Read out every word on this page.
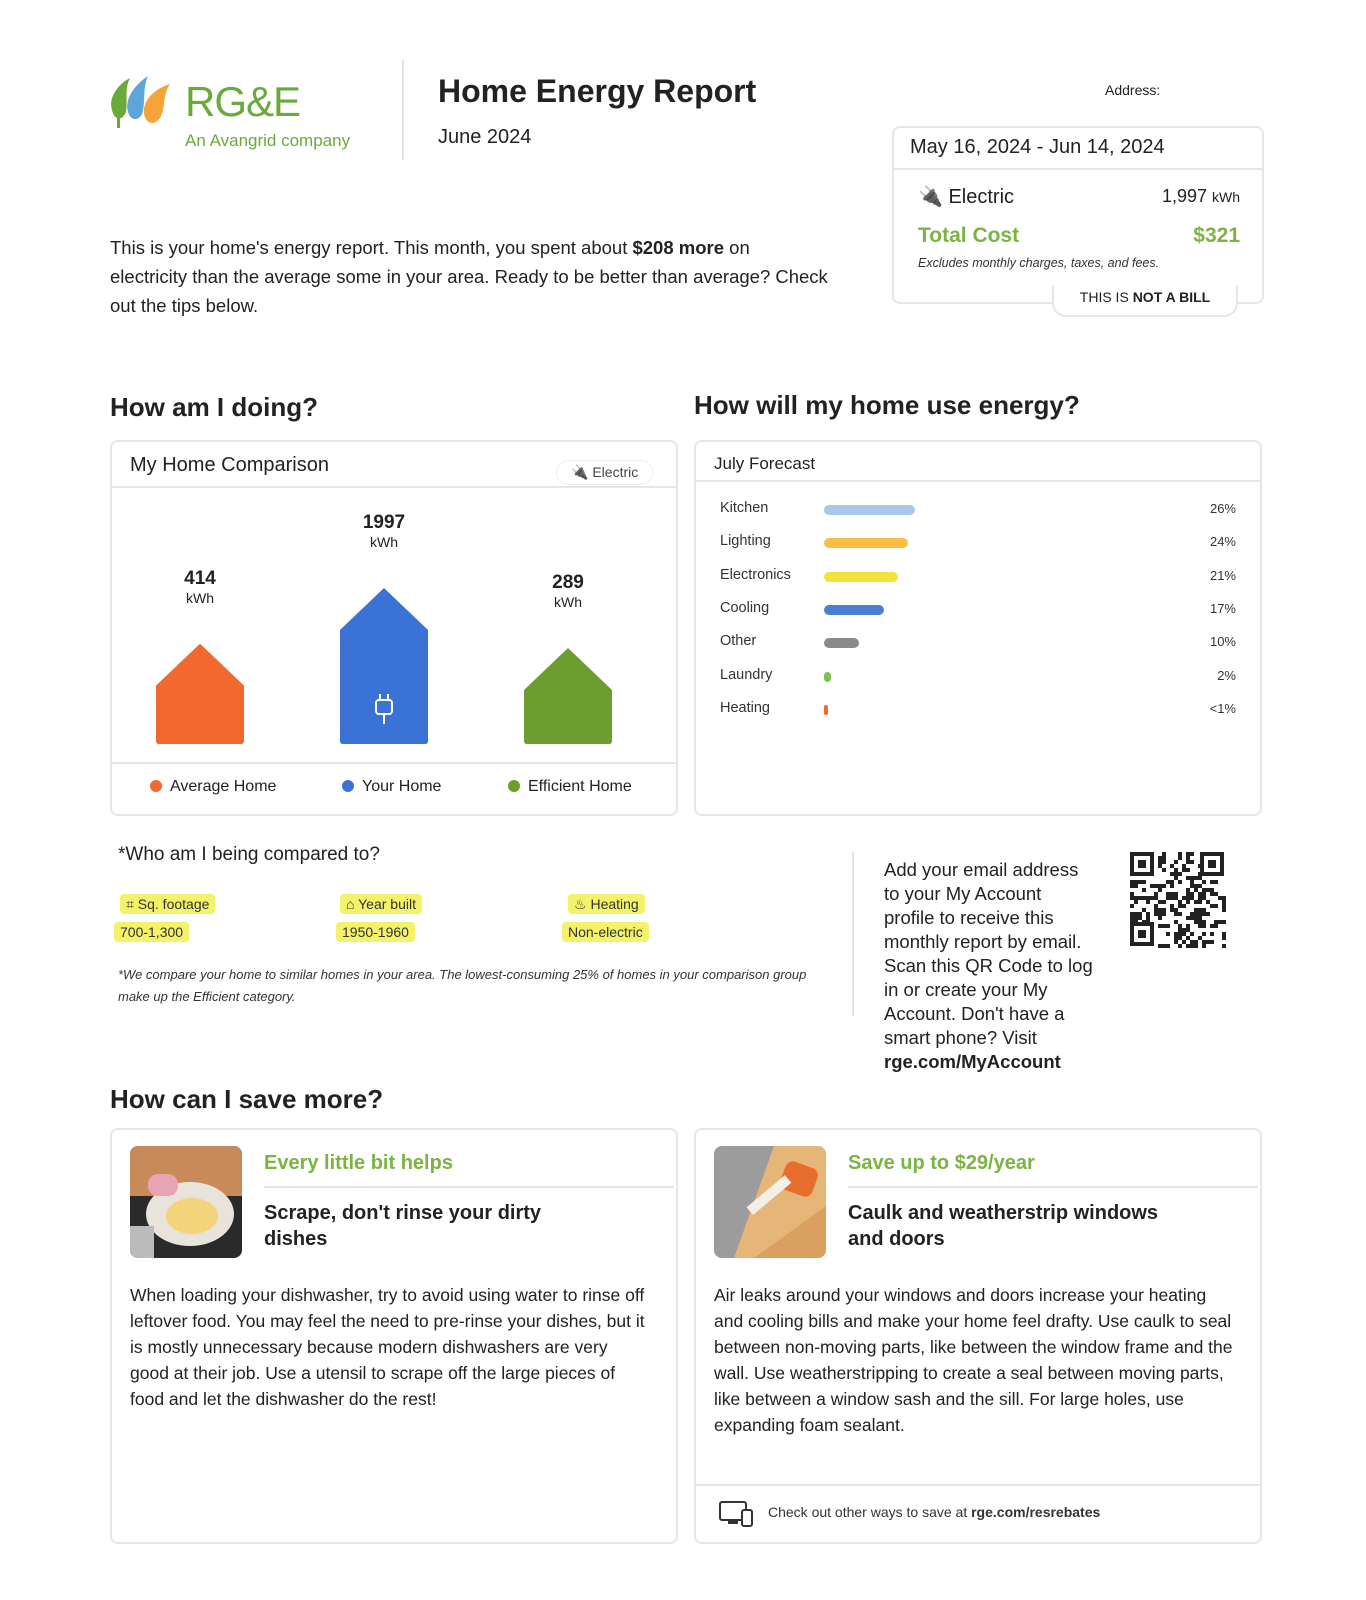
RG&E
An Avangrid company
Home Energy Report
June 2024
Address:
This is your home's energy report. This month, you spent about $208 more on electricity than the average some in your area. Ready to be better than average? Check out the tips below.
May 16, 2024 - Jun 14, 2024
🔌 Electric	1,997 kWh
Total Cost	$321
Excludes monthly charges, taxes, and fees.
THIS IS NOT A BILL
How am I doing?	How will my home use energy?
My Home Comparison	🔌 Electric
414
kWh
1997
kWh
289
kWh
Average Home	Your Home	Efficient Home
July Forecast
Kitchen	26%
Lighting	24%
Electronics	21%
Cooling	17%
Other	10%
Laundry	2%
Heating	<1%
*Who am I being compared to?
⌗ Sq. footage
700-1,300
⌂ Year built
1950-1960
♨ Heating
Non-electric
*We compare your home to similar homes in your area. The lowest-consuming 25% of homes in your comparison group make up the Efficient category.
Add your email address to your My Account profile to receive this monthly report by email. Scan this QR Code to log in or create your My Account. Don't have a smart phone? Visit
rge.com/MyAccount
How can I save more?
Every little bit helps
Scrape, don't rinse your dirty dishes
When loading your dishwasher, try to avoid using water to rinse off leftover food. You may feel the need to pre-rinse your dishes, but it is mostly unnecessary because modern dishwashers are very good at their job. Use a utensil to scrape off the large pieces of food and let the dishwasher do the rest!
Save up to $29/year
Caulk and weatherstrip windows and doors
Air leaks around your windows and doors increase your heating and cooling bills and make your home feel drafty. Use caulk to seal between non-moving parts, like between the window frame and the wall. Use weatherstripping to create a seal between moving parts, like between a window sash and the sill. For large holes, use expanding foam sealant.
Check out other ways to save at rge.com/resrebates
